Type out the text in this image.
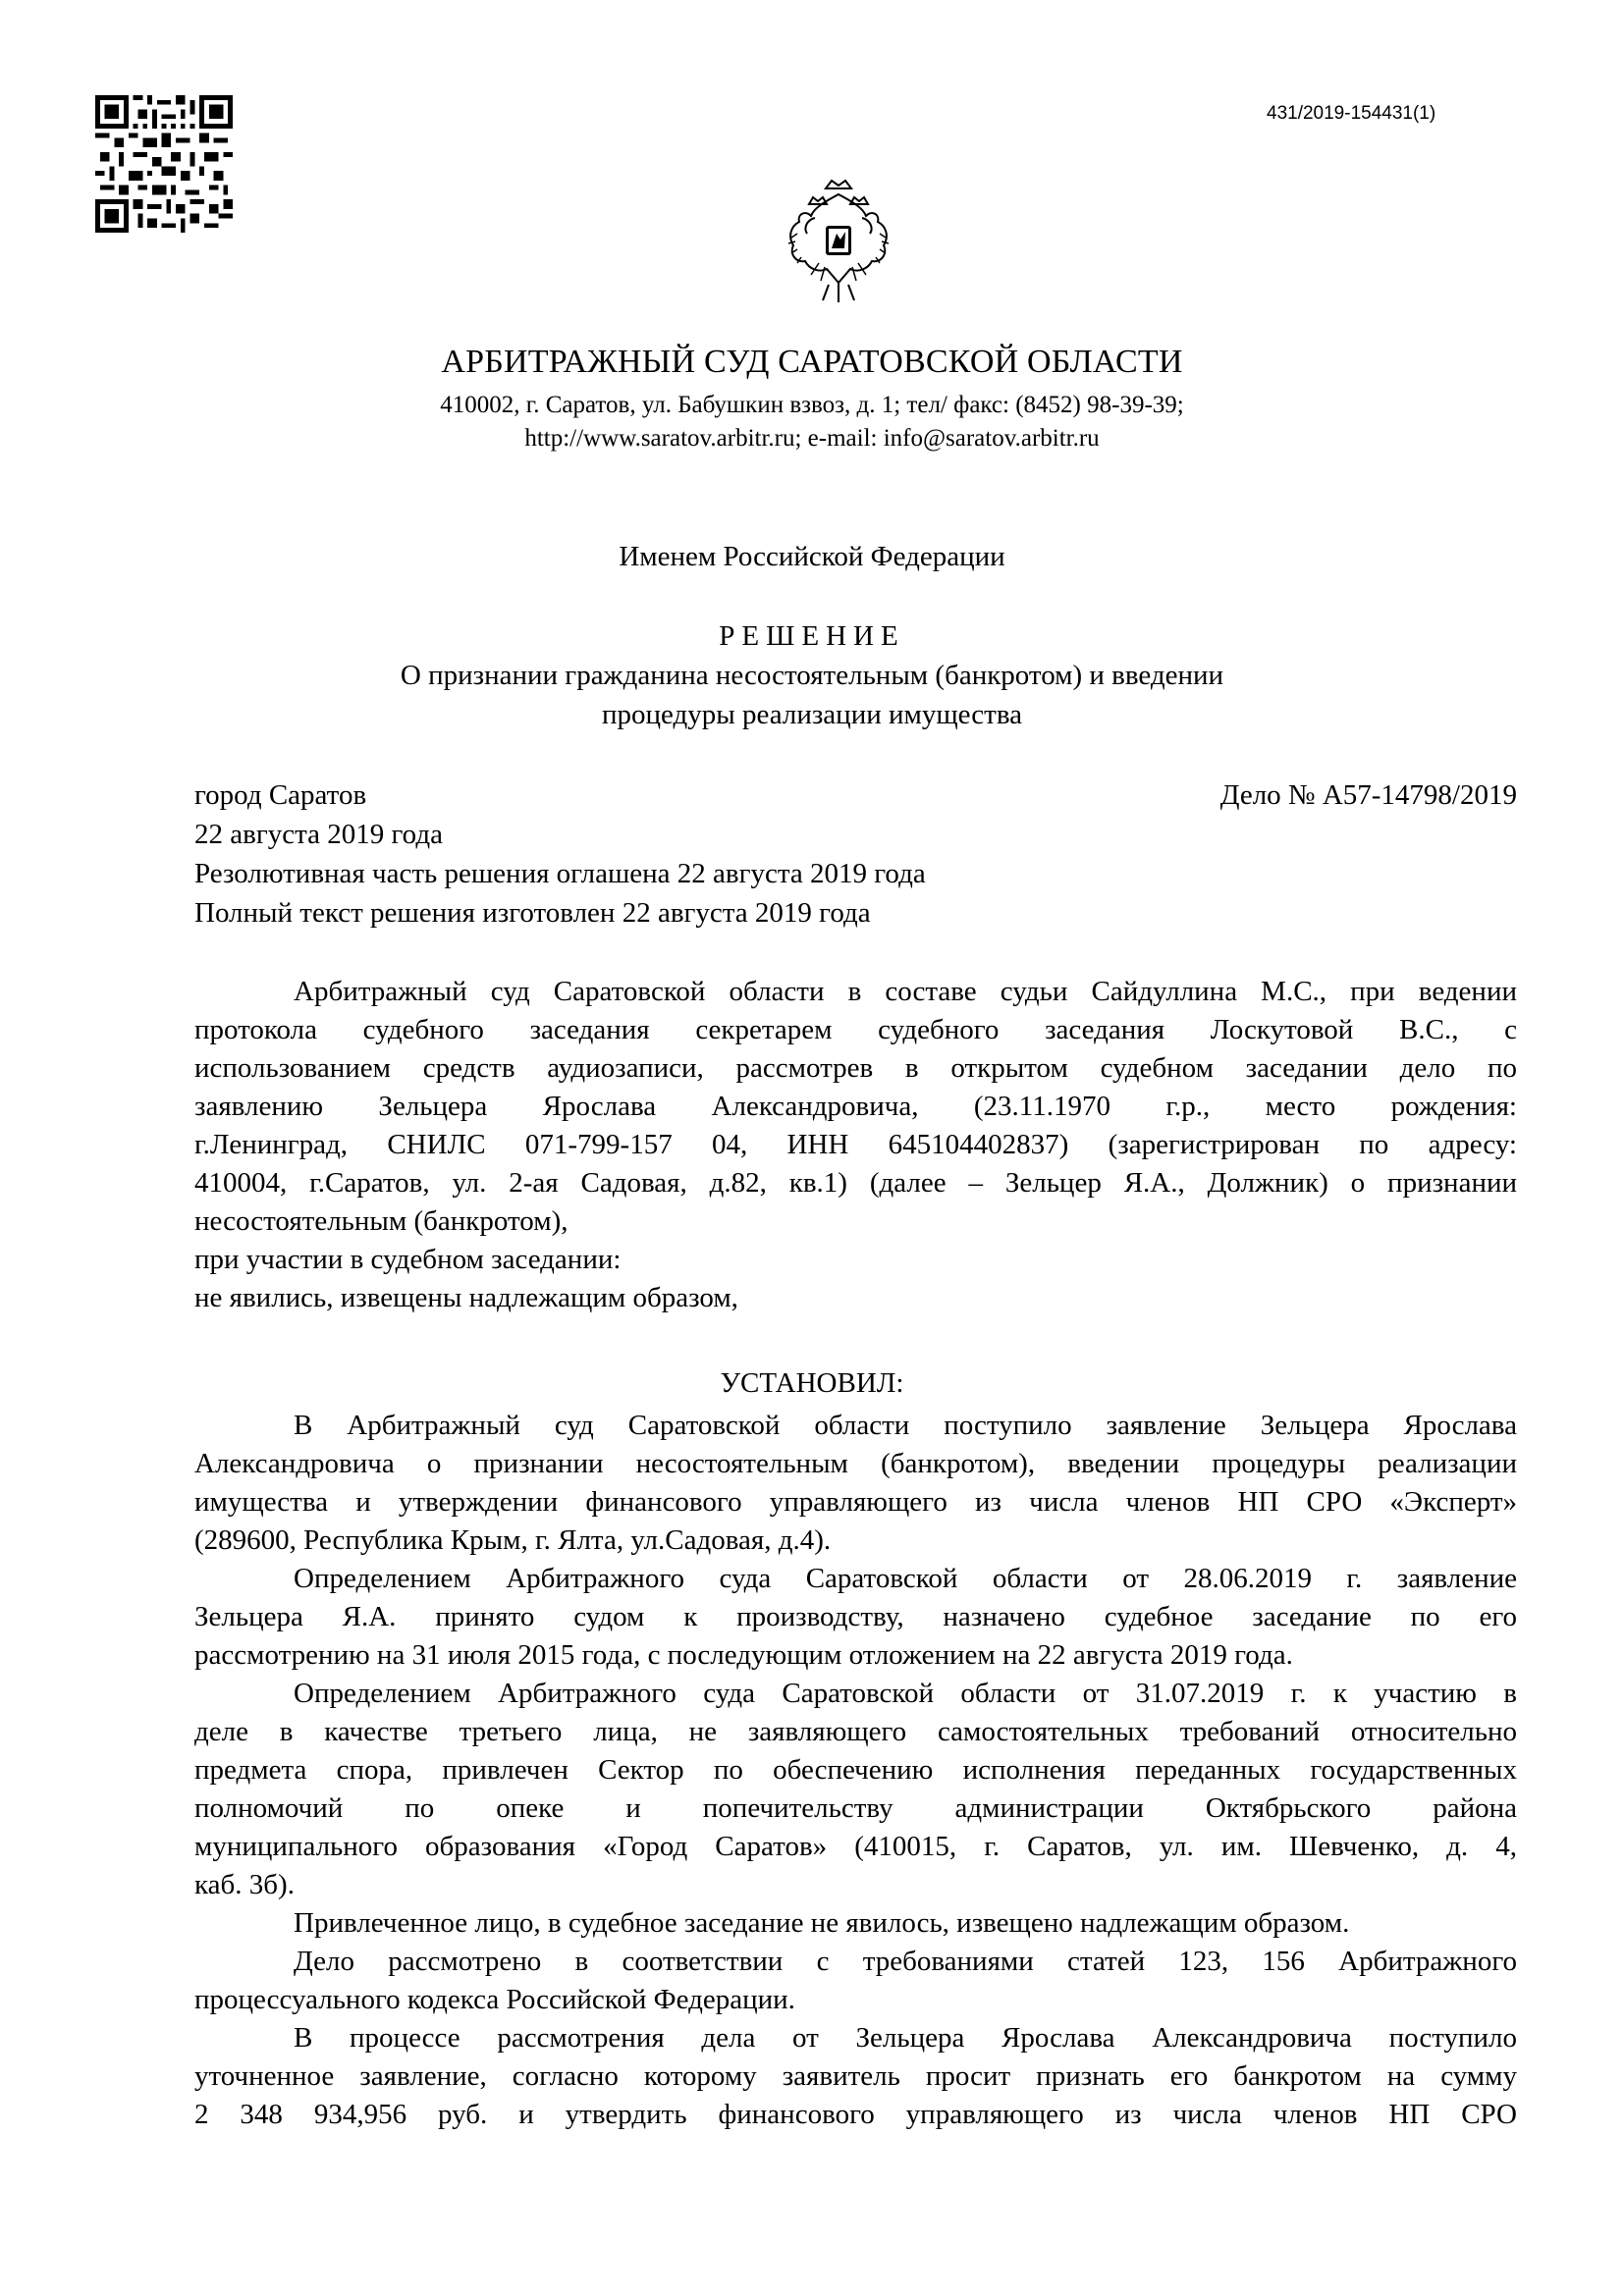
431/2019-154431(1)
АРБИТРАЖНЫЙ СУД САРАТОВСКОЙ ОБЛАСТИ
410002, г. Саратов, ул. Бабушкин взвоз, д. 1; тел/ факс: (8452) 98-39-39;
http://www.saratov.arbitr.ru; e-mail: info@saratov.arbitr.ru
Именем Российской Федерации
РЕШЕНИЕ
О признании гражданина несостоятельным (банкротом) и введении
процедуры реализации имущества
город Саратов	Дело № А57-14798/2019
22 августа 2019 года
Резолютивная часть решения оглашена 22 августа 2019 года
Полный текст решения изготовлен 22 августа 2019 года
Арбитражный суд Саратовской области в составе судьи Сайдуллина М.С., при ведении
протокола судебного заседания секретарем судебного заседания Лоскутовой В.С., с
использованием средств аудиозаписи, рассмотрев в открытом судебном заседании дело по
заявлению Зельцера Ярослава Александровича, (23.11.1970 г.р., место рождения:
г.Ленинград, СНИЛС 071-799-157 04, ИНН 645104402837) (зарегистрирован по адресу:
410004, г.Саратов, ул. 2-ая Садовая, д.82, кв.1) (далее – Зельцер Я.А., Должник) о признании
несостоятельным (банкротом),
при участии в судебном заседании:
не явились, извещены надлежащим образом,
УСТАНОВИЛ:
В Арбитражный суд Саратовской области поступило заявление Зельцера Ярослава
Александровича о признании несостоятельным (банкротом), введении процедуры реализации
имущества и утверждении финансового управляющего из числа членов НП СРО «Эксперт»
(289600, Республика Крым, г. Ялта, ул.Садовая, д.4).
Определением Арбитражного суда Саратовской области от 28.06.2019 г. заявление
Зельцера Я.А. принято судом к производству, назначено судебное заседание по его
рассмотрению на 31 июля 2015 года, с последующим отложением на 22 августа 2019 года.
Определением Арбитражного суда Саратовской области от 31.07.2019 г. к участию в
деле в качестве третьего лица, не заявляющего самостоятельных требований относительно
предмета спора, привлечен Сектор по обеспечению исполнения переданных государственных
полномочий по опеке и попечительству администрации Октябрьского района
муниципального образования «Город Саратов» (410015, г. Саратов, ул. им. Шевченко, д. 4,
каб. 3б).
Привлеченное лицо, в судебное заседание не явилось, извещено надлежащим образом.
Дело рассмотрено в соответствии с требованиями статей 123, 156 Арбитражного
процессуального кодекса Российской Федерации.
В процессе рассмотрения дела от Зельцера Ярослава Александровича поступило
уточненное заявление, согласно которому заявитель просит признать его банкротом на сумму
2 348 934,956 руб. и утвердить финансового управляющего из числа членов НП СРО
